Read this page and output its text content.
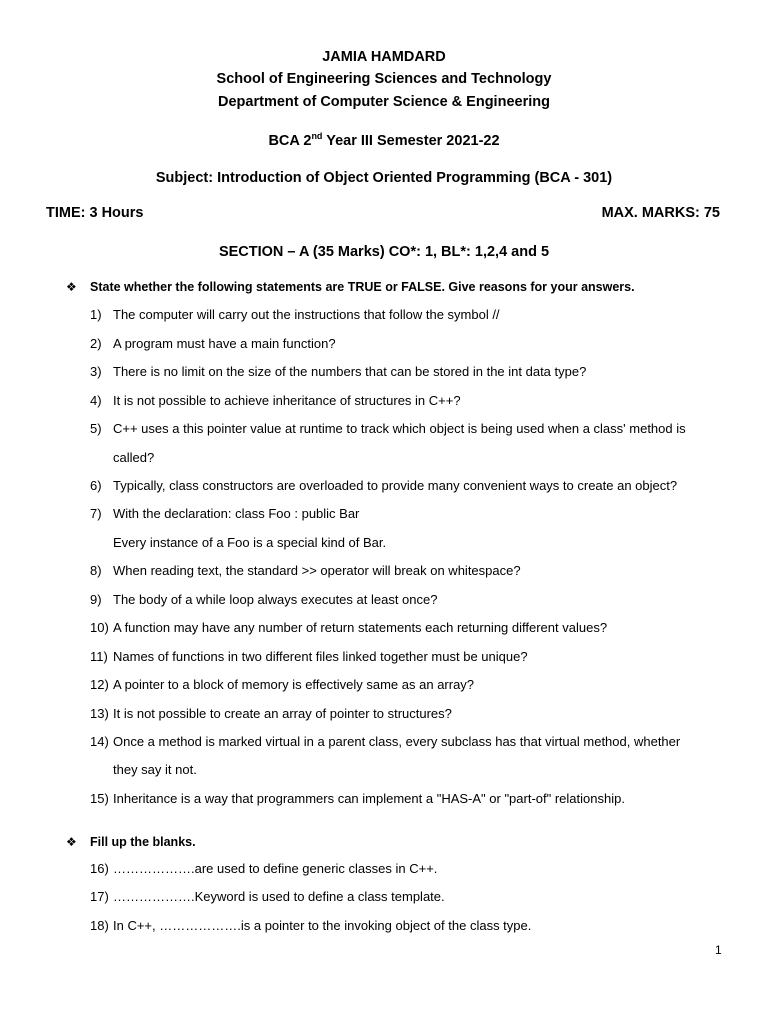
JAMIA HAMDARD
School of Engineering Sciences and Technology
Department of Computer Science & Engineering
BCA 2nd Year III Semester 2021-22
Subject: Introduction of Object Oriented Programming (BCA - 301)
TIME: 3 Hours	MAX. MARKS: 75
SECTION – A (35 Marks) CO*: 1, BL*: 1,2,4 and 5
❖ State whether the following statements are TRUE or FALSE. Give reasons for your answers.
1) The computer will carry out the instructions that follow the symbol //
2) A program must have a main function?
3) There is no limit on the size of the numbers that can be stored in the int data type?
4) It is not possible to achieve inheritance of structures in C++?
5) C++ uses a this pointer value at runtime to track which object is being used when a class' method is
called?
6) Typically, class constructors are overloaded to provide many convenient ways to create an object?
7) With the declaration: class Foo : public Bar
Every instance of a Foo is a special kind of Bar.
8) When reading text, the standard >> operator will break on whitespace?
9) The body of a while loop always executes at least once?
10) A function may have any number of return statements each returning different values?
11) Names of functions in two different files linked together must be unique?
12) A pointer to a block of memory is effectively same as an array?
13) It is not possible to create an array of pointer to structures?
14) Once a method is marked virtual in a parent class, every subclass has that virtual method, whether
they say it not.
15) Inheritance is a way that programmers can implement a "HAS-A" or "part-of" relationship.
❖ Fill up the blanks.
16) ……………….are used to define generic classes in C++.
17) ……………….Keyword is used to define a class template.
18) In C++, ……………….is a pointer to the invoking object of the class type.
1
